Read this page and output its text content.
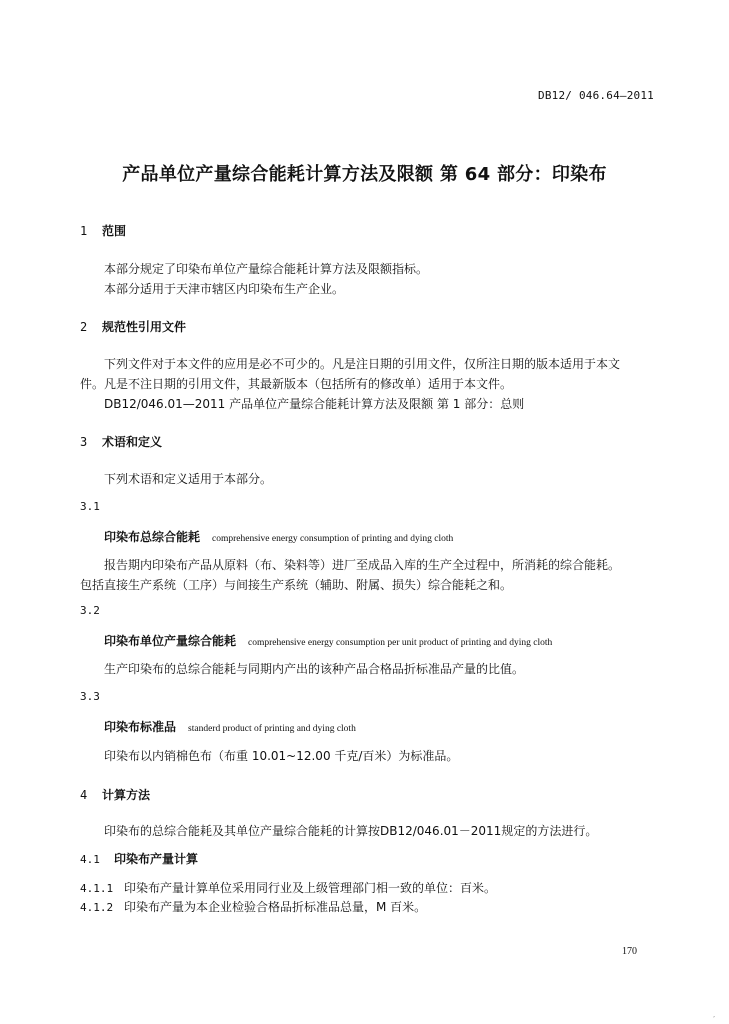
DB12/ 046.64—2011
产品单位产量综合能耗计算方法及限额 第 64 部分：印染布
1 范围
本部分规定了印染布单位产量综合能耗计算方法及限额指标。
本部分适用于天津市辖区内印染布生产企业。
2 规范性引用文件
下列文件对于本文件的应用是必不可少的。凡是注日期的引用文件，仅所注日期的版本适用于本文
件。凡是不注日期的引用文件，其最新版本（包括所有的修改单）适用于本文件。
DB12/046.01—2011 产品单位产量综合能耗计算方法及限额 第 1 部分：总则
3 术语和定义
下列术语和定义适用于本部分。
3.1
印染布总综合能耗 comprehensive energy consumption of printing and dying cloth
报告期内印染布产品从原料（布、染料等）进厂至成品入库的生产全过程中，所消耗的综合能耗。
包括直接生产系统（工序）与间接生产系统（辅助、附属、损失）综合能耗之和。
3.2
印染布单位产量综合能耗 comprehensive energy consumption per unit product of printing and dying cloth
生产印染布的总综合能耗与同期内产出的该种产品合格品折标准品产量的比值。
3.3
印染布标准品 standerd product of printing and dying cloth
印染布以内销棉色布（布重 10.01~12.00 千克/百米）为标准品。
4 计算方法
印染布的总综合能耗及其单位产量综合能耗的计算按DB12/046.01－2011规定的方法进行。
4.1 印染布产量计算
4.1.1 印染布产量计算单位采用同行业及上级管理部门相一致的单位：百米。
4.1.2 印染布产量为本企业检验合格品折标准品总量，M 百米。
170
,
